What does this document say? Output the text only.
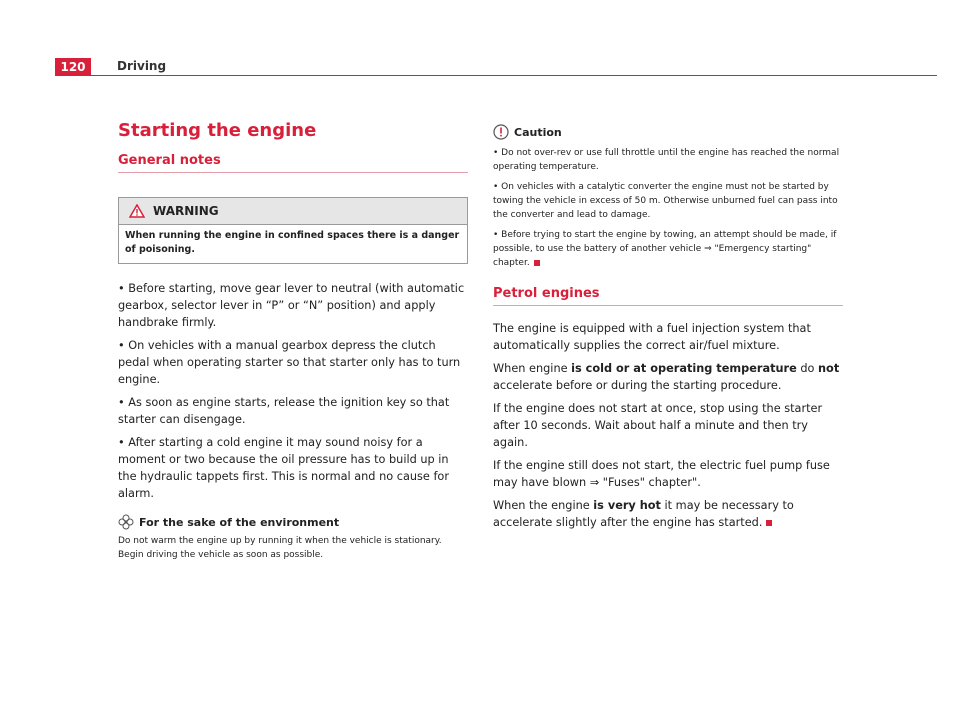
120	Driving
Starting the engine
General notes
WARNING
When running the engine in confined spaces there is a danger of poisoning.

• Before starting, move gear lever to neutral (with automatic gearbox, selector lever in “P” or “N” position) and apply handbrake firmly.

• On vehicles with a manual gearbox depress the clutch pedal when operating starter so that starter only has to turn engine.

• As soon as engine starts, release the ignition key so that starter can disengage.

• After starting a cold engine it may sound noisy for a moment or two because the oil pressure has to build up in the hydraulic tappets first. This is normal and no cause for alarm.

For the sake of the environment

Do not warm the engine up by running it when the vehicle is stationary. Begin driving the vehicle as soon as possible.

Caution

• Do not over-rev or use full throttle until the engine has reached the normal operating temperature.

• On vehicles with a catalytic converter the engine must not be started by towing the vehicle in excess of 50 m. Otherwise unburned fuel can pass into the converter and lead to damage.

• Before trying to start the engine by towing, an attempt should be made, if possible, to use the battery of another vehicle ⇒ "Emergency starting" chapter.

Petrol engines

The engine is equipped with a fuel injection system that automatically supplies the correct air/fuel mixture.

When engine is cold or at operating temperature do not accelerate before or during the starting procedure.

If the engine does not start at once, stop using the starter after 10 seconds. Wait about half a minute and then try again.

If the engine still does not start, the electric fuel pump fuse may have blown ⇒ "Fuses" chapter".

When the engine is very hot it may be necessary to accelerate slightly after the engine has started.
